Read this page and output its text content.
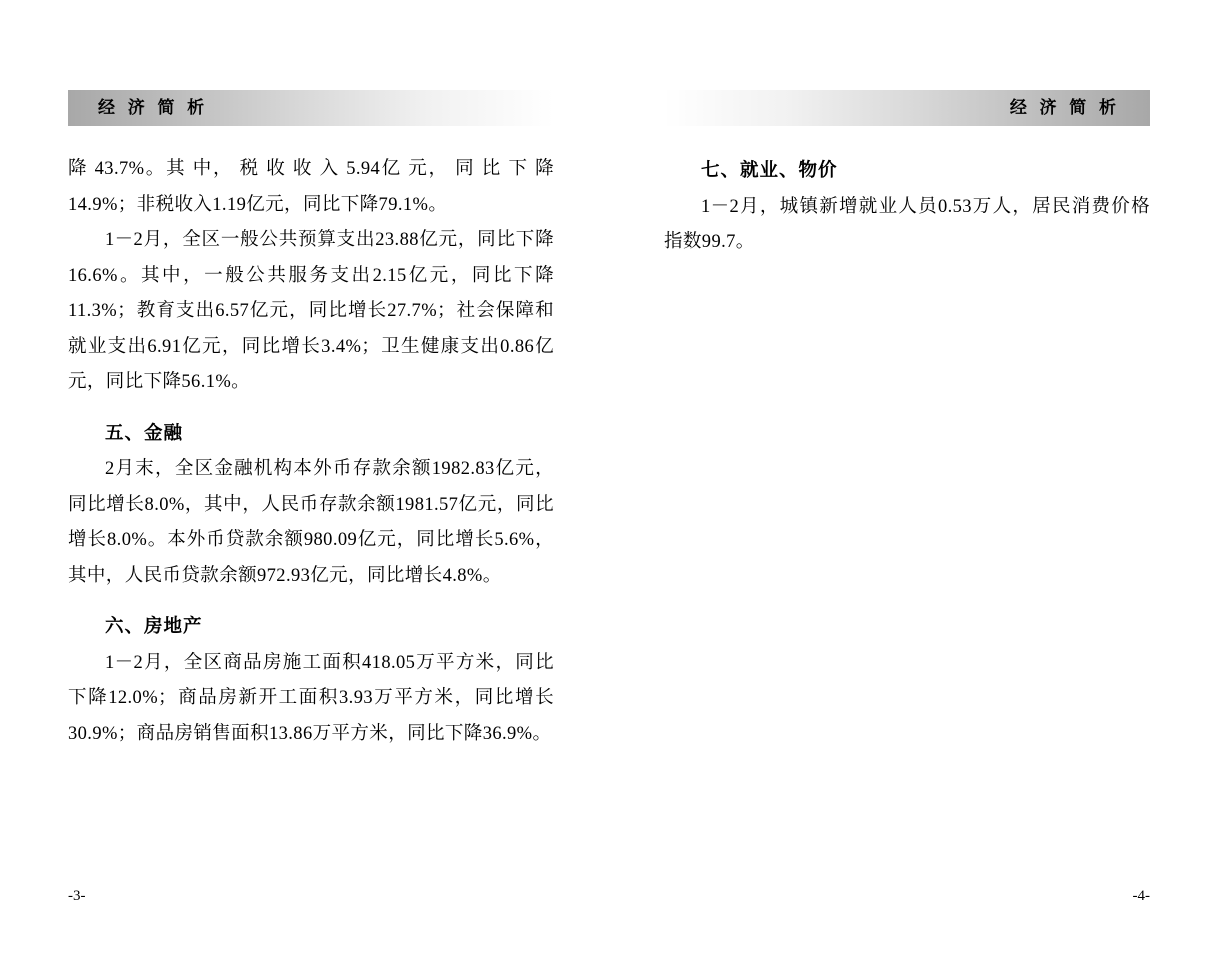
经 济 简 析

降 43.7%。其 中， 税 收 收 入 5.94亿 元， 同 比 下 降 14.9%；非税收入1.19亿元，同比下降79.1%。

1－2月，全区一般公共预算支出23.88亿元，同比下降16.6%。其中，一般公共服务支出2.15亿元，同比下降11.3%；教育支出6.57亿元，同比增长27.7%；社会保障和就业支出6.91亿元，同比增长3.4%；卫生健康支出0.86亿元，同比下降56.1%。

五、金融

2月末，全区金融机构本外币存款余额1982.83亿元，同比增长8.0%，其中，人民币存款余额1981.57亿元，同比增长8.0%。本外币贷款余额980.09亿元，同比增长5.6%，其中，人民币贷款余额972.93亿元，同比增长4.8%。

六、房地产

1－2月，全区商品房施工面积418.05万平方米，同比下降12.0%；商品房新开工面积3.93万平方米，同比增长30.9%；商品房销售面积13.86万平方米，同比下降36.9%。

-3-
经 济 简 析
七、就业、物价

1－2月，城镇新增就业人员0.53万人，居民消费价格指数99.7。

-4-
